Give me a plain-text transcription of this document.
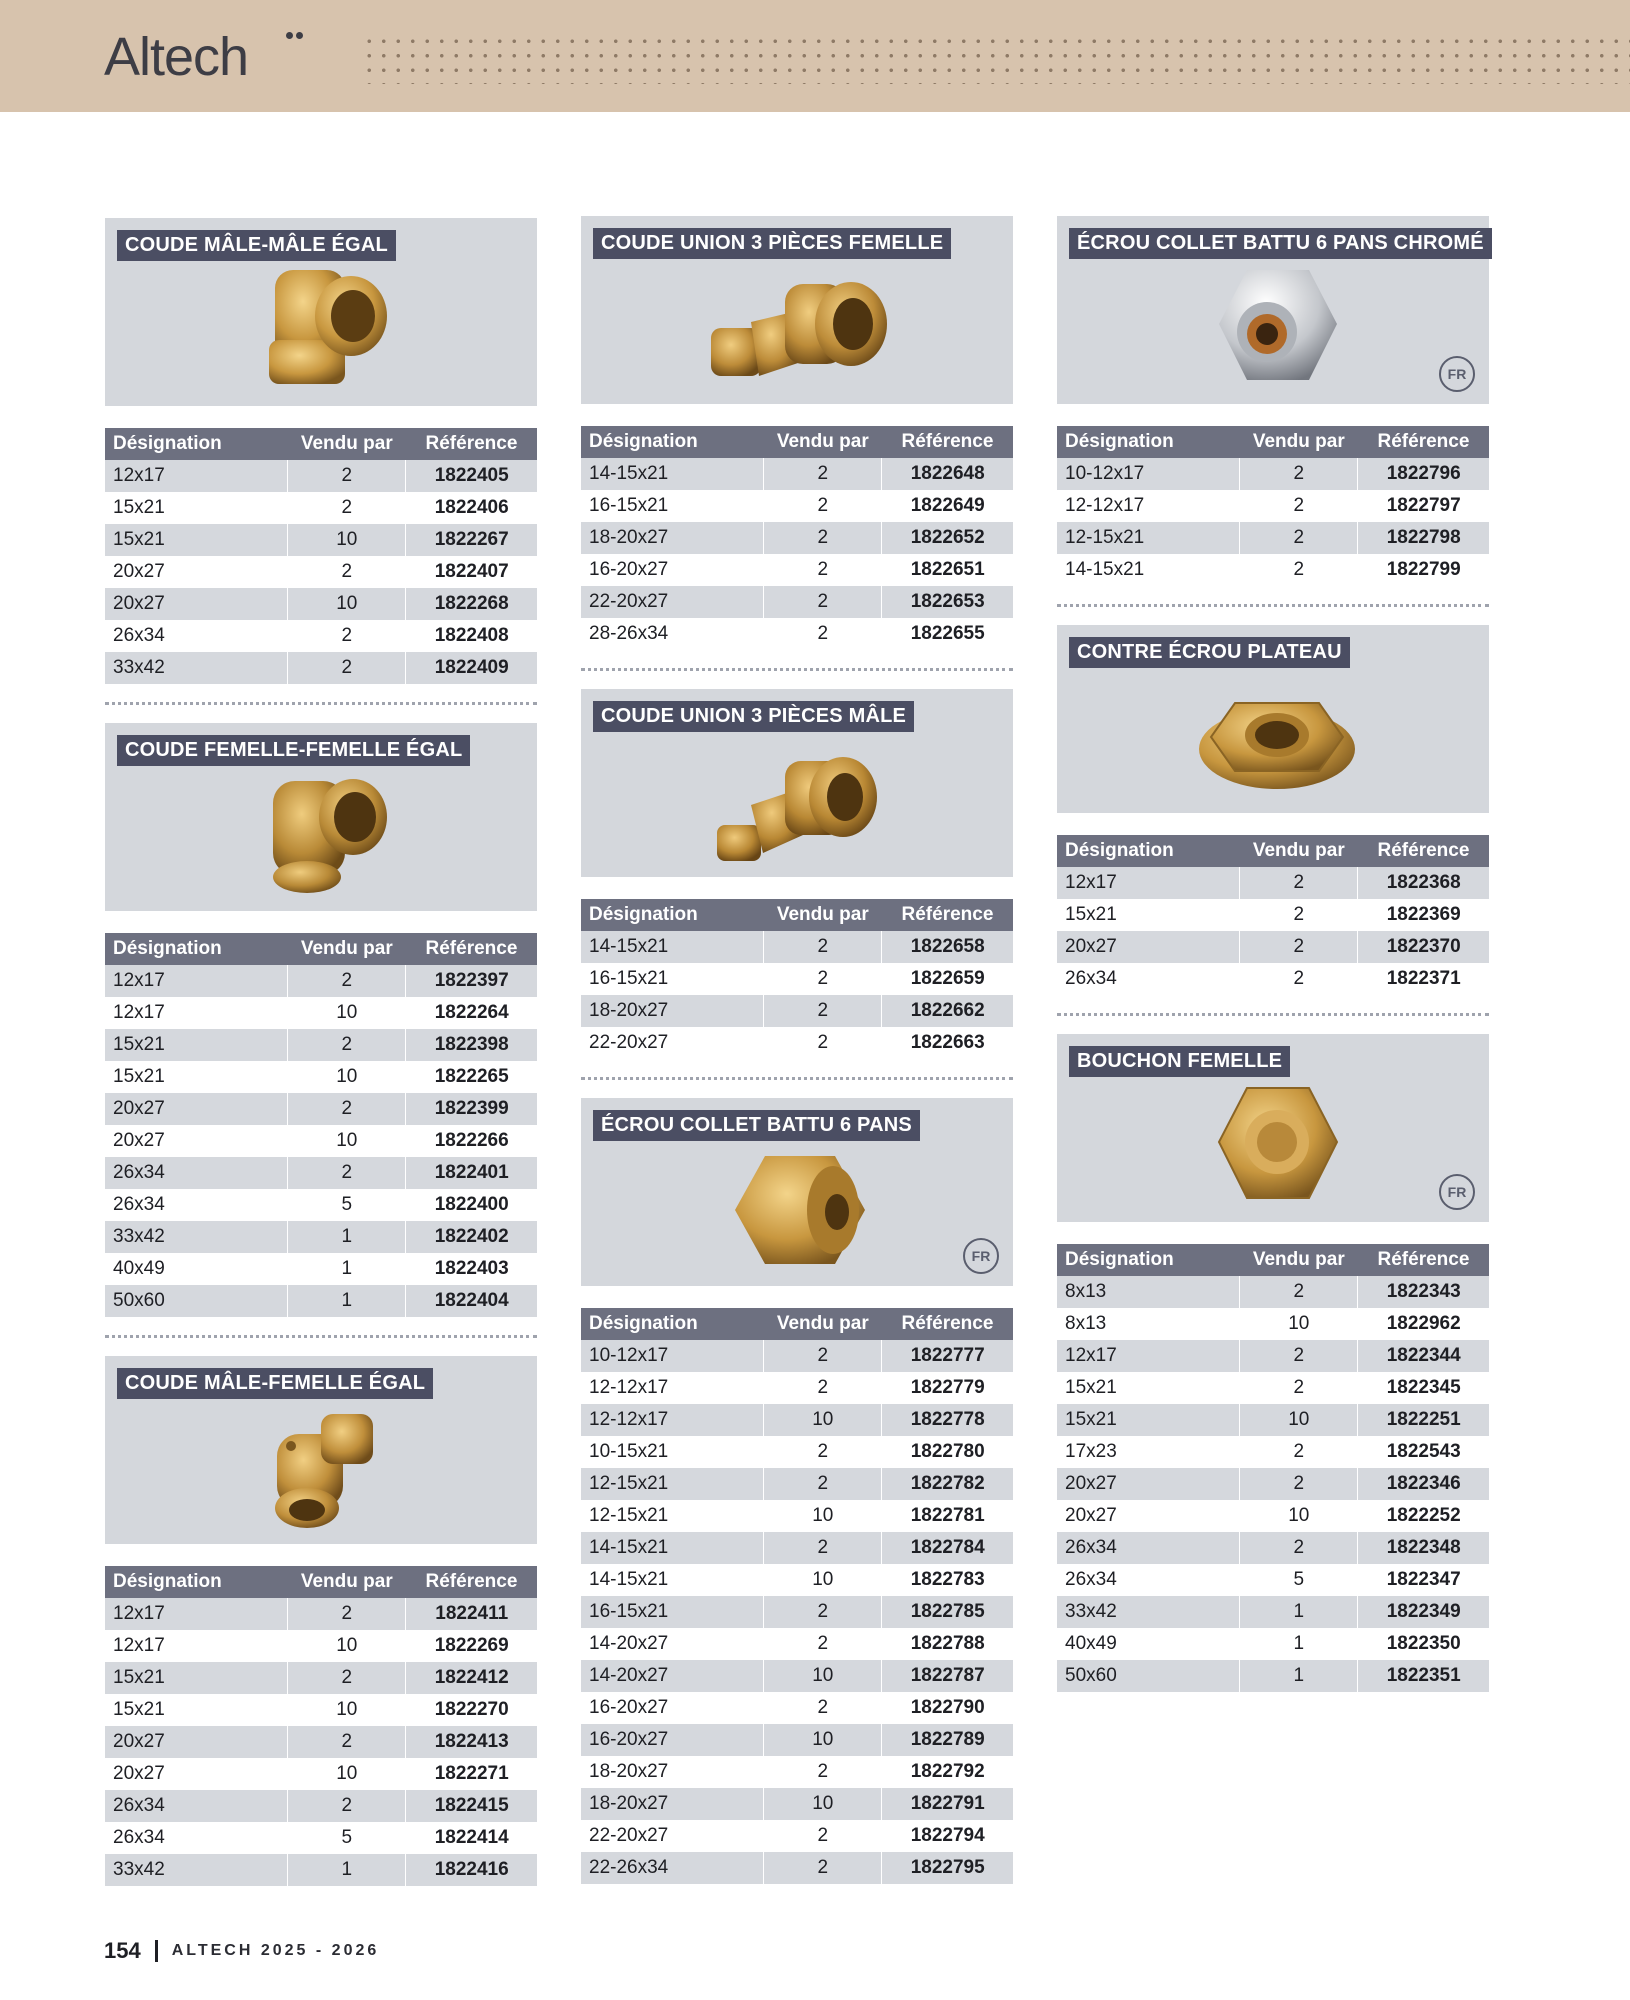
Altech
COUDE MÂLE-MÂLE ÉGAL
Désignation	Vendu par	Référence
12x17	2	1822405
15x21	2	1822406
15x21	10	1822267
20x27	2	1822407
20x27	10	1822268
26x34	2	1822408
33x42	2	1822409
COUDE FEMELLE-FEMELLE ÉGAL
Désignation	Vendu par	Référence
12x17	2	1822397
12x17	10	1822264
15x21	2	1822398
15x21	10	1822265
20x27	2	1822399
20x27	10	1822266
26x34	2	1822401
26x34	5	1822400
33x42	1	1822402
40x49	1	1822403
50x60	1	1822404
COUDE MÂLE-FEMELLE ÉGAL
Désignation	Vendu par	Référence
12x17	2	1822411
12x17	10	1822269
15x21	2	1822412
15x21	10	1822270
20x27	2	1822413
20x27	10	1822271
26x34	2	1822415
26x34	5	1822414
33x42	1	1822416
COUDE UNION 3 PIÈCES FEMELLE
Désignation	Vendu par	Référence
14-15x21	2	1822648
16-15x21	2	1822649
18-20x27	2	1822652
16-20x27	2	1822651
22-20x27	2	1822653
28-26x34	2	1822655
COUDE UNION 3 PIÈCES MÂLE
Désignation	Vendu par	Référence
14-15x21	2	1822658
16-15x21	2	1822659
18-20x27	2	1822662
22-20x27	2	1822663
ÉCROU COLLET BATTU 6 PANS
FR
Désignation	Vendu par	Référence
10-12x17	2	1822777
12-12x17	2	1822779
12-12x17	10	1822778
10-15x21	2	1822780
12-15x21	2	1822782
12-15x21	10	1822781
14-15x21	2	1822784
14-15x21	10	1822783
16-15x21	2	1822785
14-20x27	2	1822788
14-20x27	10	1822787
16-20x27	2	1822790
16-20x27	10	1822789
18-20x27	2	1822792
18-20x27	10	1822791
22-20x27	2	1822794
22-26x34	2	1822795
ÉCROU COLLET BATTU 6 PANS CHROMÉ
FR
Désignation	Vendu par	Référence
10-12x17	2	1822796
12-12x17	2	1822797
12-15x21	2	1822798
14-15x21	2	1822799
CONTRE ÉCROU PLATEAU
Désignation	Vendu par	Référence
12x17	2	1822368
15x21	2	1822369
20x27	2	1822370
26x34	2	1822371
BOUCHON FEMELLE
FR
Désignation	Vendu par	Référence
8x13	2	1822343
8x13	10	1822962
12x17	2	1822344
15x21	2	1822345
15x21	10	1822251
17x23	2	1822543
20x27	2	1822346
20x27	10	1822252
26x34	2	1822348
26x34	5	1822347
33x42	1	1822349
40x49	1	1822350
50x60	1	1822351
154 ALTECH 2025 - 2026
